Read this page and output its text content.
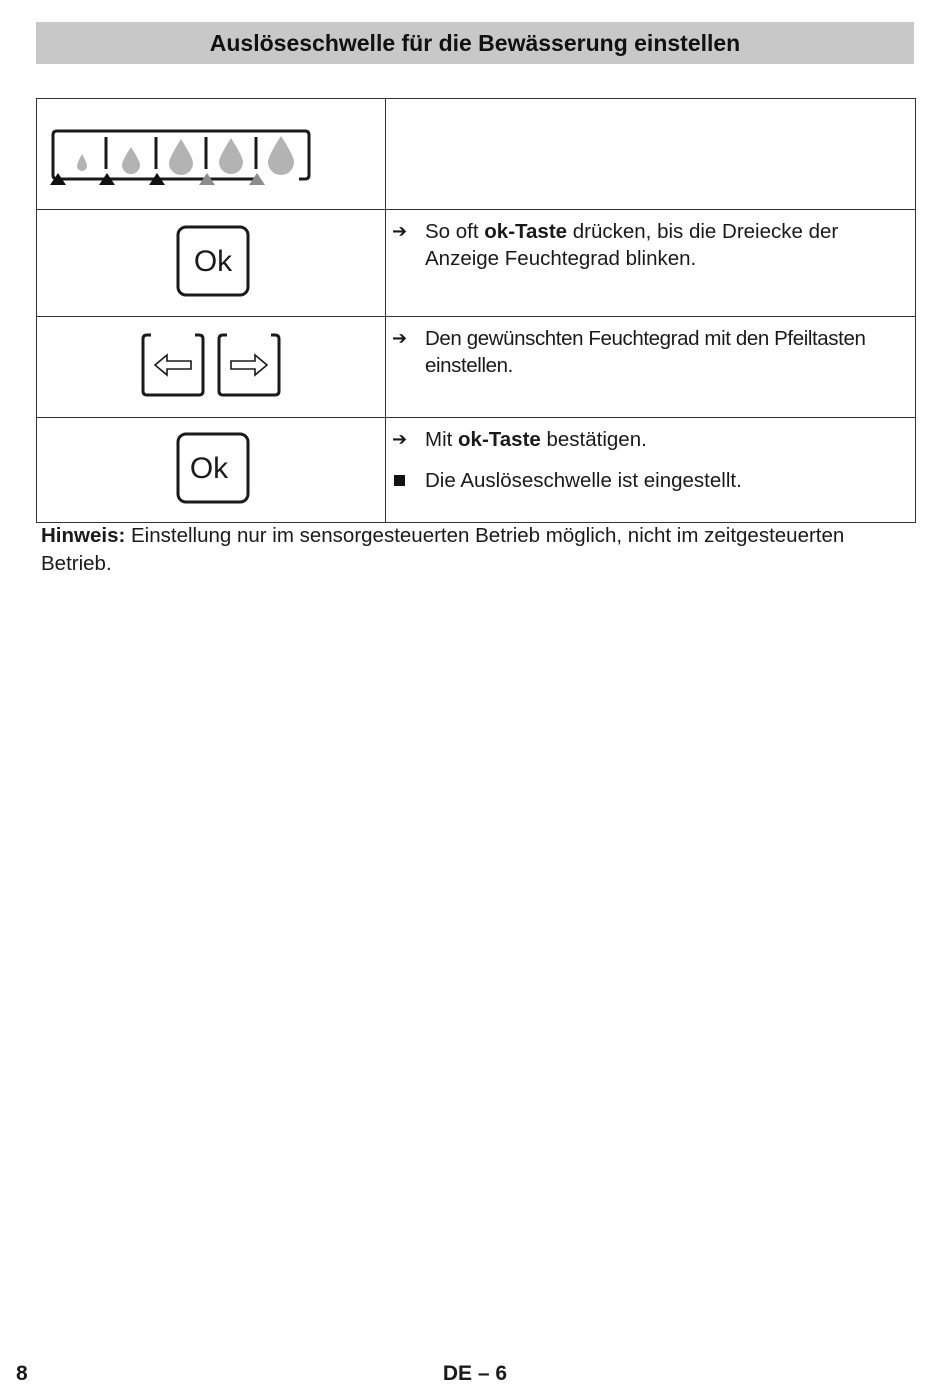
Auslöseschwelle für die Bewässerung einstellen

Ok	➔ So oft ok-Taste drücken, bis die Dreiecke der Anzeige Feuchtegrad blinken.

➔ Den gewünschten Feuchtegrad mit den Pfeiltasten einstellen.

Ok	➔ Mit ok-Taste bestätigen.
Die Auslöseschwelle ist eingestellt.
Hinweis: Einstellung nur im sensorgesteuerten Betrieb möglich, nicht im zeitgesteuerten Betrieb.
8	DE – 6
